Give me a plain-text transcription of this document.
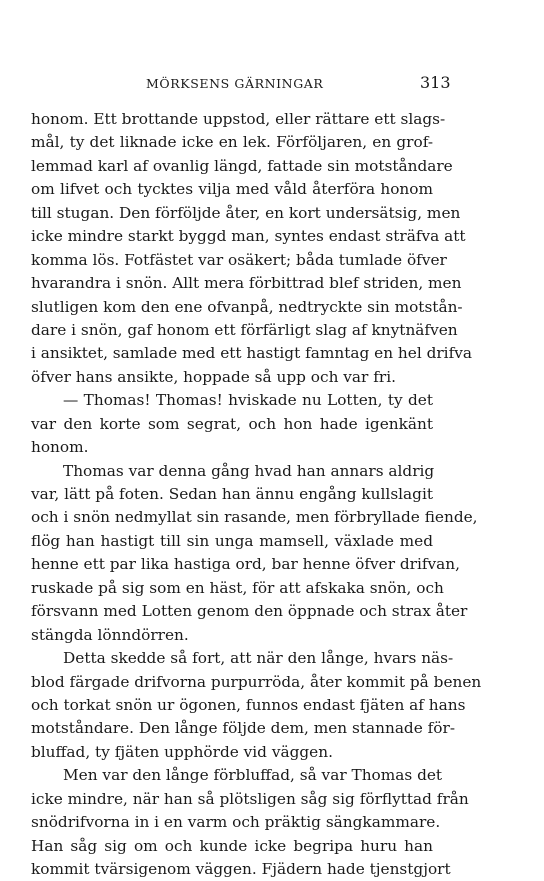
MÖRKSENS GÄRNINGAR	313
honom. Ett brottande uppstod, eller rättare ett slags-
mål, ty det liknade icke en lek. Förföljaren, en grof-
lemmad karl af ovanlig längd, fattade sin motståndare
om lifvet och tycktes vilja med våld återföra honom
till stugan. Den förföljde åter, en kort undersätsig, men
icke mindre starkt byggd man, syntes endast sträfva att
komma lös. Fotfästet var osäkert; båda tumlade öfver
hvarandra i snön. Allt mera förbittrad blef striden, men
slutligen kom den ene ofvanpå, nedtryckte sin motstån-
dare i snön, gaf honom ett förfärligt slag af knytnäfven
i ansiktet, samlade med ett hastigt famntag en hel drifva
öfver hans ansikte, hoppade så upp och var fri.
— Thomas! Thomas! hviskade nu Lotten, ty det
var den korte som segrat, och hon hade igenkänt
honom.
Thomas var denna gång hvad han annars aldrig
var, lätt på foten. Sedan han ännu engång kullslagit
och i snön nedmyllat sin rasande, men förbryllade fiende,
flög han hastigt till sin unga mamsell, växlade med
henne ett par lika hastiga ord, bar henne öfver drifvan,
ruskade på sig som en häst, för att afskaka snön, och
försvann med Lotten genom den öppnade och strax åter
stängda lönndörren.
Detta skedde så fort, att när den långe, hvars näs-
blod färgade drifvorna purpurröda, åter kommit på benen
och torkat snön ur ögonen, funnos endast fjäten af hans
motståndare. Den långe följde dem, men stannade för-
bluffad, ty fjäten upphörde vid väggen.
Men var den långe förbluffad, så var Thomas det
icke mindre, när han så plötsligen såg sig förflyttad från
snödrifvorna in i en varm och präktig sängkammare.
Han såg sig om och kunde icke begripa huru han
kommit tvärsigenom väggen. Fjädern hade tjenstgjort
